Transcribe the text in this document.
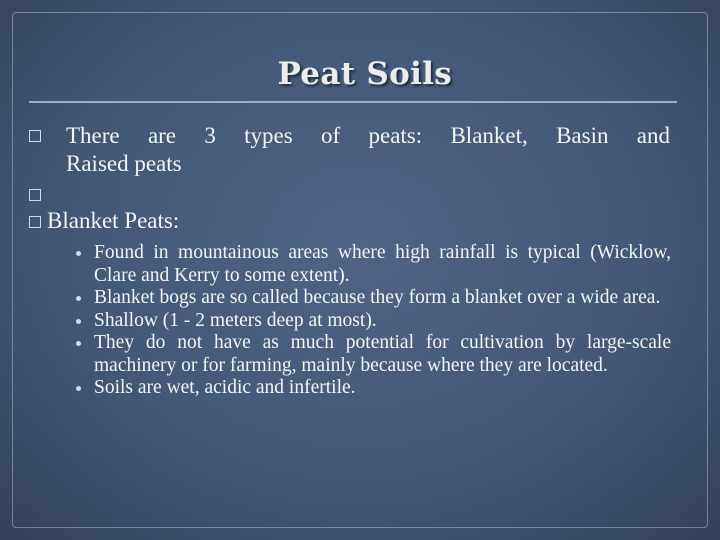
Peat Soils
There are 3 types of peats: Blanket, Basin and
Raised peats
Blanket Peats:

Found in mountainous areas where high rainfall is typical (Wicklow, Clare and Kerry to some extent).

Blanket bogs are so called because they form a blanket over a wide area.

Shallow (1 - 2 meters deep at most).

They do not have as much potential for cultivation by large-scale machinery or for farming, mainly because where they are located.

Soils are wet, acidic and infertile.
